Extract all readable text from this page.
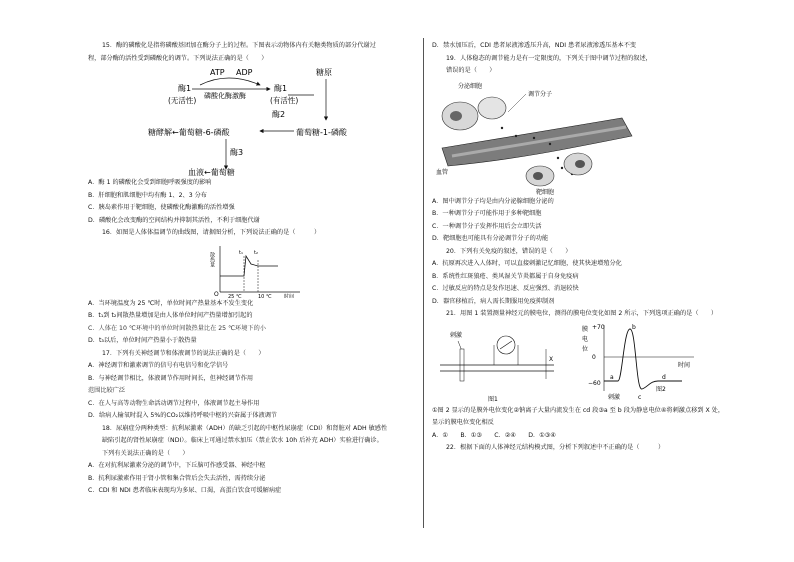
15．酶的磷酸化是指将磷酸基团加在酶分子上的过程。下图表示动物体内有关糖类物质的部分代谢过
程，部分酶的活性受到磷酸化的调节。下列说法正确的是（　　）
ATP ADP
酶1
(无活性) 磷酸化酶激酶
酶1
(有活性)
糖原
糖酵解←葡萄糖-6-磷酸
酶2
葡萄糖-1-磷酸
酶3
血液←葡萄糖
A．酶 1 的磷酸化会受到细胞呼吸强度的影响
B．肝细胞和肌细胞中均有酶 1、2、3 分布
C．胰岛素作用于靶细胞，使磷酸化酶激酶的活性增强
D．磷酸化会改变酶的空间结构并抑制其活性，不利于细胞代谢
16．如图是人体体温调节的曲线图，请据图分析，下列说法正确的是（　　　）
散热量
O
t₁ t₂
25 ℃	10 ℃ 时间
A．当环境温度为 25 ℃时，单位时间产热量基本不发生变化
B．t₁到 t₂间散热量增加是由人体单位时间产热量增加引起的
C．人体在 10 ℃环境中的单位时间散热量比在 25 ℃环境下的小
D．t₃以后，单位时间产热量小于散热量
17．下列有关神经调节和体液调节的说法正确的是（　　）
A．神经调节和激素调节的信号有电信号和化学信号
B．与神经调节相比，体液调节作用时间长，但神经调节作用
范围比较广泛
C．在人与高等动物生命活动调节过程中，体液调节起主导作用
D．给病人输氧时混入 5%的CO₂以维持呼吸中枢的兴奋属于体液调节
18．尿崩症分两种类型：抗利尿激素（ADH）的缺乏引起的中枢性尿崩症（CDI）和肾脏对 ADH 敏感性
缺陷引起的肾性尿崩症（NDI）。临床上可通过禁水加压（禁止饮水 10h 后补充 ADH）实验进行确诊。
下列有关说法正确的是（　　）
A．在对抗利尿激素分泌的调节中，下丘脑可作感受器、神经中枢
B．抗利尿激素作用于肾小管和集合管后会失去活性，需持续分泌
C．CDI 和 NDI 患者临床表现均为多尿、口渴，高蛋白饮食可缓解病症
D．禁水加压后，CDI 患者尿液渗透压升高，NDI 患者尿液渗透压基本不变
19．人体稳态的调节能力是有一定限度的，下列关于图中调节过程的叙述，
错误的是（　　）
分泌细胞
调节分子
血管
靶细胞
A．图中调节分子均是由内分泌腺细胞分泌的
B．一种调节分子可能作用于多种靶细胞
C．一种调节分子发挥作用后会立即失活
D．靶细胞也可能具有分泌调节分子的功能
20．下列有关免疫的叙述，错误的是（　　）
A．抗原再次进入人体时，可以直接刺激记忆细胞，使其快速增殖分化
B．系统性红斑狼疮、类风湿关节炎都属于自身免疫病
C．过敏反应的特点是发作迅速、反应强烈、消退较快
D．器官移植后，病人需长期服用免疫抑制剂
21．用图 1 装置测量神经元的膜电位，测得的膜电位变化如图 2 所示，下列选项正确的是（　　）
刺激
X
图1
膜
电
位
+70
0
−60
a
b
c
d
刺激
时间
图2
①图 2 显示的是膜外电位变化②钠离子大量内流发生在 cd 段③a 至 b 段为静息电位④将刺激点移到 X 处，
显示的膜电位变化相反
A．①　　B．①③　　C．②④　　D．①③④
22．根据下面的人体神经元结构模式图，分析下列叙述中不正确的是（　　　）
